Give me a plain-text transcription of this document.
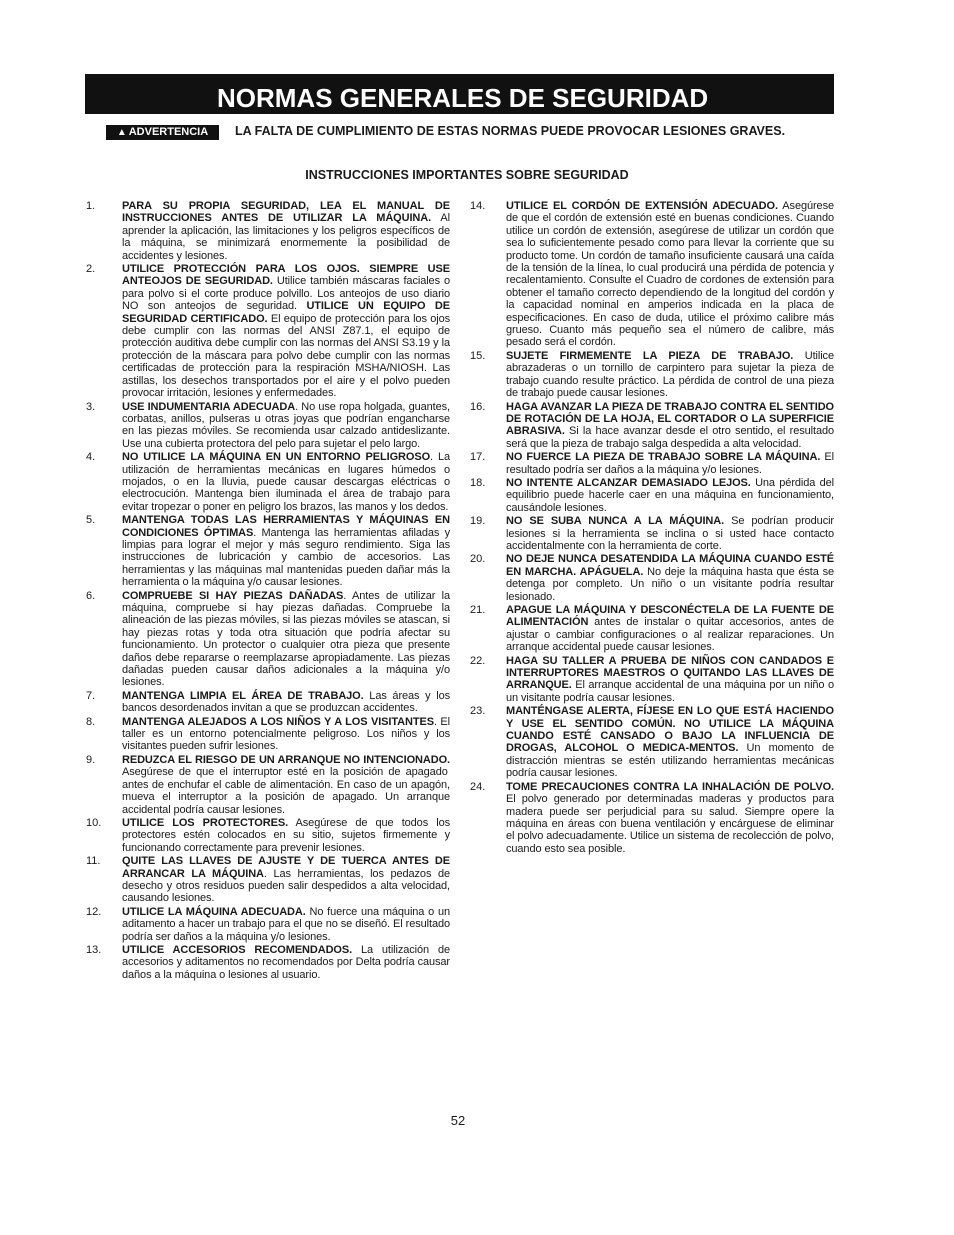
NORMAS GENERALES DE SEGURIDAD
▲ ADVERTENCIA	LA FALTA DE CUMPLIMIENTO DE ESTAS NORMAS PUEDE PROVOCAR LESIONES GRAVES.
INSTRUCCIONES IMPORTANTES SOBRE SEGURIDAD
1. PARA SU PROPIA SEGURIDAD, LEA EL MANUAL DE INSTRUCCIONES ANTES DE UTILIZAR LA MÁQUINA. Al aprender la aplicación, las limitaciones y los peligros específicos de la máquina, se minimizará enormemente la posibilidad de accidentes y lesiones.
2. UTILICE PROTECCIÓN PARA LOS OJOS. SIEMPRE USE ANTEOJOS DE SEGURIDAD. Utilice también máscaras faciales o para polvo si el corte produce polvillo. Los anteojos de uso diario NO son anteojos de seguridad. UTILICE UN EQUIPO DE SEGURIDAD CERTIFICADO. El equipo de protección para los ojos debe cumplir con las normas del ANSI Z87.1, el equipo de protección auditiva debe cumplir con las normas del ANSI S3.19 y la protección de la máscara para polvo debe cumplir con las normas certificadas de protección para la respiración MSHA/NIOSH. Las astillas, los desechos transportados por el aire y el polvo pueden provocar irritación, lesiones y enfermedades.
3. USE INDUMENTARIA ADECUADA. No use ropa holgada, guantes, corbatas, anillos, pulseras u otras joyas que podrían engancharse en las piezas móviles. Se recomienda usar calzado antideslizante. Use una cubierta protectora del pelo para sujetar el pelo largo.
4. NO UTILICE LA MÁQUINA EN UN ENTORNO PELIGROSO. La utilización de herramientas mecánicas en lugares húmedos o mojados, o en la lluvia, puede causar descargas eléctricas o electrocución. Mantenga bien iluminada el área de trabajo para evitar tropezar o poner en peligro los brazos, las manos y los dedos.
5. MANTENGA TODAS LAS HERRAMIENTAS Y MÁQUINAS EN CONDICIONES ÓPTIMAS. Mantenga las herramientas afiladas y limpias para lograr el mejor y más seguro rendimiento. Siga las instrucciones de lubricación y cambio de accesorios. Las herramientas y las máquinas mal mantenidas pueden dañar más la herramienta o la máquina y/o causar lesiones.
6. COMPRUEBE SI HAY PIEZAS DAÑADAS. Antes de utilizar la máquina, compruebe si hay piezas dañadas. Compruebe la alineación de las piezas móviles, si las piezas móviles se atascan, si hay piezas rotas y toda otra situación que podría afectar su funcionamiento. Un protector o cualquier otra pieza que presente daños debe repararse o reemplazarse apropiadamente. Las piezas dañadas pueden causar daños adicionales a la máquina y/o lesiones.
7. MANTENGA LIMPIA EL ÁREA DE TRABAJO. Las áreas y los bancos desordenados invitan a que se produzcan accidentes.
8. MANTENGA ALEJADOS A LOS NIÑOS Y A LOS VISITANTES. El taller es un entorno potencialmente peligroso. Los niños y los visitantes pueden sufrir lesiones.
9. REDUZCA EL RIESGO DE UN ARRANQUE NO INTENCIONADO. Asegúrese de que el interruptor esté en la posición de apagado antes de enchufar el cable de alimentación. En caso de un apagón, mueva el interruptor a la posición de apagado. Un arranque accidental podría causar lesiones.
10. UTILICE LOS PROTECTORES. Asegúrese de que todos los protectores estén colocados en su sitio, sujetos firmemente y funcionando correctamente para prevenir lesiones.
11. QUITE LAS LLAVES DE AJUSTE Y DE TUERCA ANTES DE ARRANCAR LA MÁQUINA. Las herramientas, los pedazos de desecho y otros residuos pueden salir despedidos a alta velocidad, causando lesiones.
12. UTILICE LA MÁQUINA ADECUADA. No fuerce una máquina o un aditamento a hacer un trabajo para el que no se diseñó. El resultado podría ser daños a la máquina y/o lesiones.
13. UTILICE ACCESORIOS RECOMENDADOS. La utilización de accesorios y aditamentos no recomendados por Delta podría causar daños a la máquina o lesiones al usuario.
14. UTILICE EL CORDÓN DE EXTENSIÓN ADECUADO. Asegúrese de que el cordón de extensión esté en buenas condiciones. Cuando utilice un cordón de extensión, asegúrese de utilizar un cordón que sea lo suficientemente pesado como para llevar la corriente que su producto tome. Un cordón de tamaño insuficiente causará una caída de la tensión de la línea, lo cual producirá una pérdida de potencia y recalentamiento. Consulte el Cuadro de cordones de extensión para obtener el tamaño correcto dependiendo de la longitud del cordón y la capacidad nominal en amperios indicada en la placa de especificaciones. En caso de duda, utilice el próximo calibre más grueso. Cuanto más pequeño sea el número de calibre, más pesado será el cordón.
15. SUJETE FIRMEMENTE LA PIEZA DE TRABAJO. Utilice abrazaderas o un tornillo de carpintero para sujetar la pieza de trabajo cuando resulte práctico. La pérdida de control de una pieza de trabajo puede causar lesiones.
16. HAGA AVANZAR LA PIEZA DE TRABAJO CONTRA EL SENTIDO DE ROTACIÓN DE LA HOJA, EL CORTADOR O LA SUPERFICIE ABRASIVA. Si la hace avanzar desde el otro sentido, el resultado será que la pieza de trabajo salga despedida a alta velocidad.
17. NO FUERCE LA PIEZA DE TRABAJO SOBRE LA MÁQUINA. El resultado podría ser daños a la máquina y/o lesiones.
18. NO INTENTE ALCANZAR DEMASIADO LEJOS. Una pérdida del equilibrio puede hacerle caer en una máquina en funcionamiento, causándole lesiones.
19. NO SE SUBA NUNCA A LA MÁQUINA. Se podrían producir lesiones si la herramienta se inclina o si usted hace contacto accidentalmente con la herramienta de corte.
20. NO DEJE NUNCA DESATENDIDA LA MÁQUINA CUANDO ESTÉ EN MARCHA. APÁGUELA. No deje la máquina hasta que ésta se detenga por completo. Un niño o un visitante podría resultar lesionado.
21. APAGUE LA MÁQUINA Y DESCONÉCTELA DE LA FUENTE DE ALIMENTACIÓN antes de instalar o quitar accesorios, antes de ajustar o cambiar configuraciones o al realizar reparaciones. Un arranque accidental puede causar lesiones.
22. HAGA SU TALLER A PRUEBA DE NIÑOS CON CANDADOS E INTERRUPTORES MAESTROS O QUITANDO LAS LLAVES DE ARRANQUE. El arranque accidental de una máquina por un niño o un visitante podría causar lesiones.
23. MANTÉNGASE ALERTA, FÍJESE EN LO QUE ESTÁ HACIENDO Y USE EL SENTIDO COMÚN. NO UTILICE LA MÁQUINA CUANDO ESTÉ CANSADO O BAJO LA INFLUENCIA DE DROGAS, ALCOHOL O MEDICA-MENTOS. Un momento de distracción mientras se estén utilizando herramientas mecánicas podría causar lesiones.
24. TOME PRECAUCIONES CONTRA LA INHALACIÓN DE POLVO. El polvo generado por determinadas maderas y productos para madera puede ser perjudicial para su salud. Siempre opere la máquina en áreas con buena ventilación y encárguese de eliminar el polvo adecuadamente. Utilice un sistema de recolección de polvo, cuando esto sea posible.
52
